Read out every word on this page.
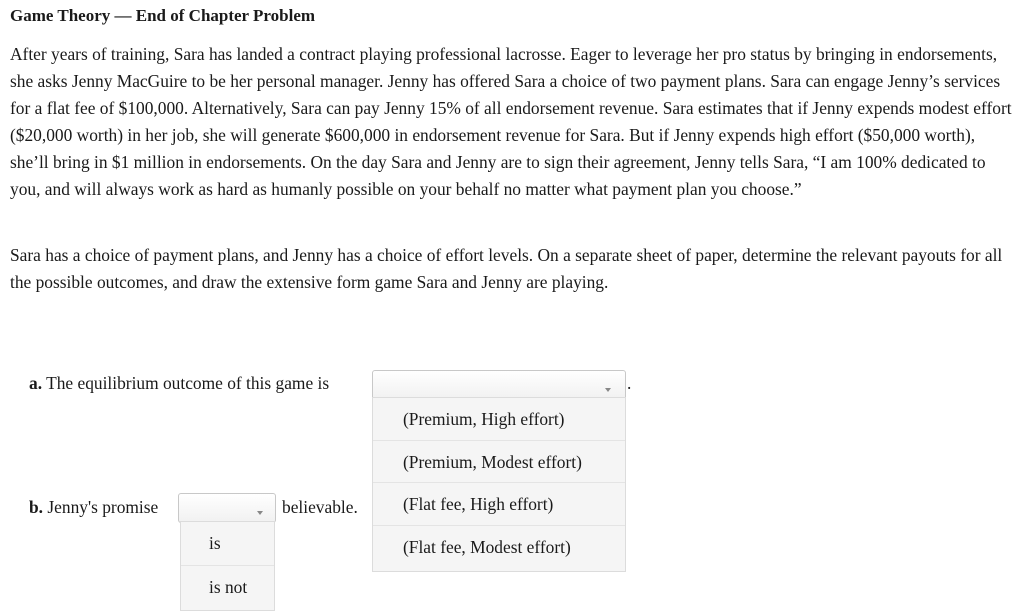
Game Theory — End of Chapter Problem

After years of training, Sara has landed a contract playing professional lacrosse. Eager to leverage her pro status by bringing in endorsements, she asks Jenny MacGuire to be her personal manager. Jenny has offered Sara a choice of two payment plans. Sara can engage Jenny’s services for a flat fee of $100,000. Alternatively, Sara can pay Jenny 15% of all endorsement revenue. Sara estimates that if Jenny expends modest effort ($20,000 worth) in her job, she will generate $600,000 in endorsement revenue for Sara. But if Jenny expends high effort ($50,000 worth), she’ll bring in $1 million in endorsements. On the day Sara and Jenny are to sign their agreement, Jenny tells Sara, “I am 100% dedicated to you, and will always work as hard as humanly possible on your behalf no matter what payment plan you choose.”

Sara has a choice of payment plans, and Jenny has a choice of effort levels. On a separate sheet of paper, determine the relevant payouts for all the possible outcomes, and draw the extensive form game Sara and Jenny are playing.

a. The equilibrium outcome of this game is	.
(Premium, High effort)
(Premium, Modest effort)
(Flat fee, High effort)
(Flat fee, Modest effort)
b. Jenny's promise	believable.
is
is not
